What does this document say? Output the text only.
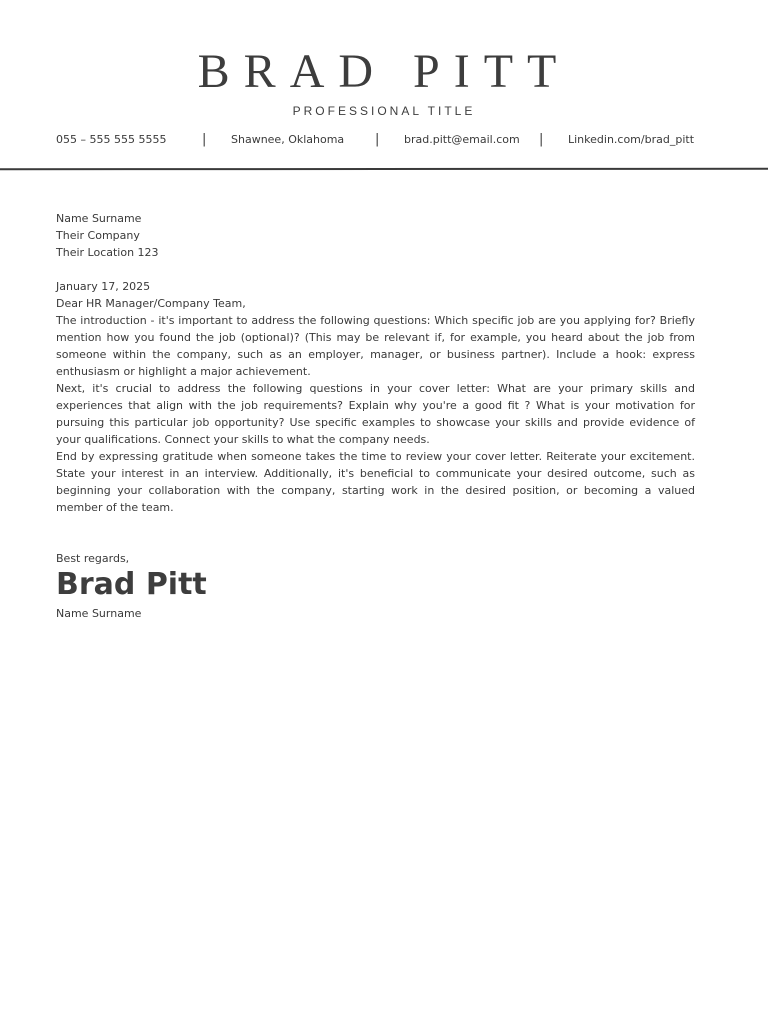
BRAD PITT
PROFESSIONAL TITLE
055 – 555 555 5555	| Shawnee, Oklahoma | brad.pitt@email.com | Linkedin.com/brad_pitt

Name Surname

Their Company

Their Location 123

January 17, 2025

Dear HR Manager/Company Team,

The introduction - it's important to address the following questions: Which specific job are you applying for? Briefly mention how you found the job (optional)? (This may be relevant if, for example, you heard about the job from someone within the company, such as an employer, manager, or business partner). Include a hook: express enthusiasm or highlight a major achievement.

Next, it's crucial to address the following questions in your cover letter: What are your primary skills and experiences that align with the job requirements? Explain why you're a good fit ? What is your motivation for pursuing this particular job opportunity? Use specific examples to showcase your skills and provide evidence of your qualifications. Connect your skills to what the company needs.

End by expressing gratitude when someone takes the time to review your cover letter. Reiterate your excitement. State your interest in an interview. Additionally, it's beneficial to communicate your desired outcome, such as beginning your collaboration with the company, starting work in the desired position, or becoming a valued member of the team.

Best regards,

Brad Pitt

Name Surname
